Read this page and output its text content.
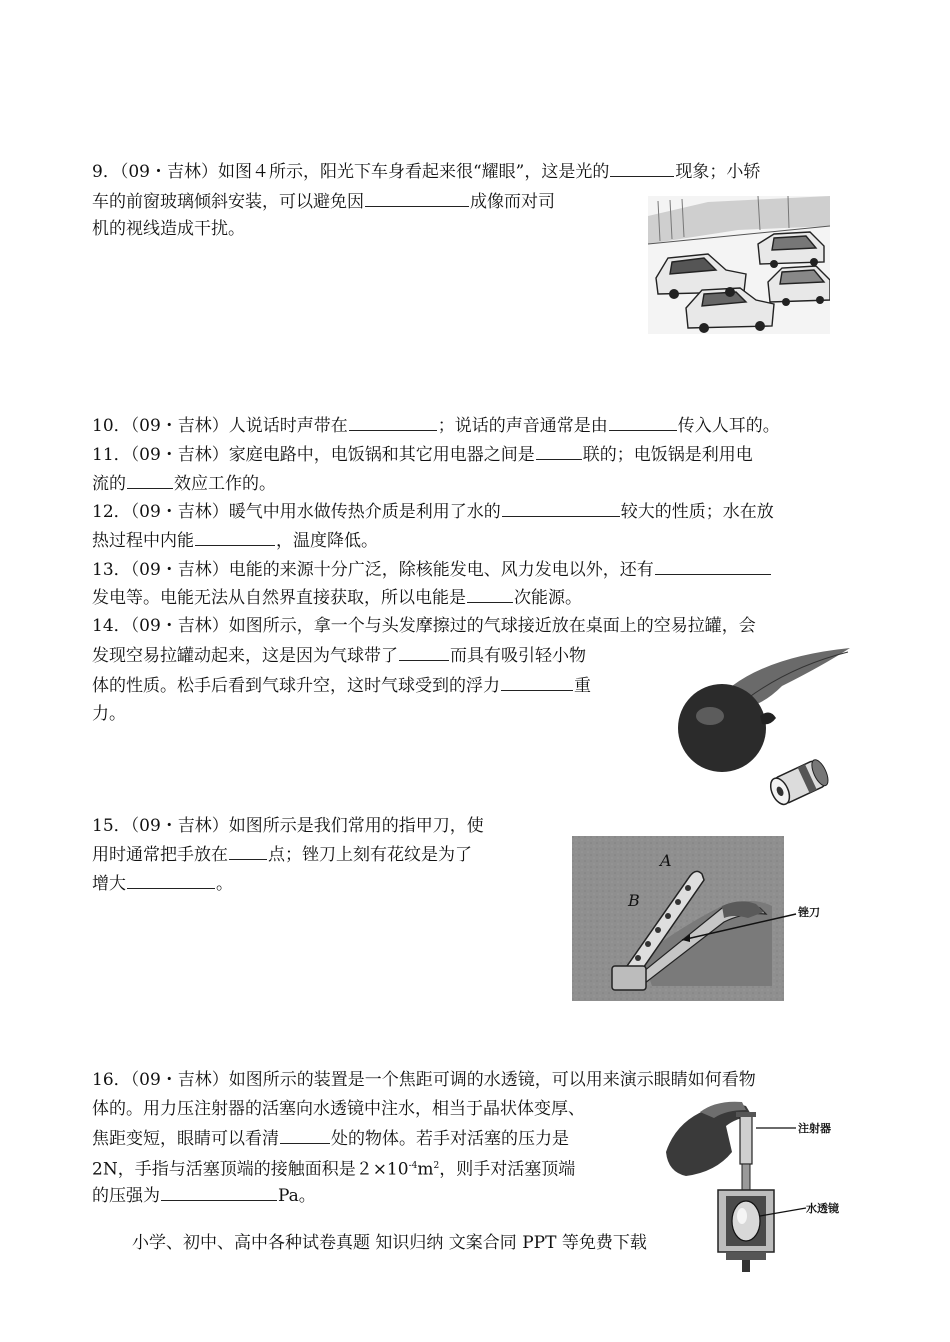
9．（09・吉林）如图４所示，阳光下车身看起来很“耀眼”，这是光的	现象；小轿
车的前窗玻璃倾斜安装，可以避免因	成像而对司
机的视线造成干扰。
10．（09・吉林）人说话时声带在	；说话的声音通常是由	传入人耳的。
11．（09・吉林）家庭电路中，电饭锅和其它用电器之间是	联的；电饭锅是利用电
流的	效应工作的。
12．（09・吉林）暖气中用水做传热介质是利用了水的	较大的性质；水在放
热过程中内能	，温度降低。
13．（09・吉林）电能的来源十分广泛，除核能发电、风力发电以外，还有
发电等。电能无法从自然界直接获取，所以电能是	次能源。
14．（09・吉林）如图所示，拿一个与头发摩擦过的气球接近放在桌面上的空易拉罐，会
发现空易拉罐动起来，这是因为气球带了	而具有吸引轻小物
体的性质。松手后看到气球升空，这时气球受到的浮力	重
力。
15．（09・吉林）如图所示是我们常用的指甲刀，使
用时通常把手放在 点；锉刀上刻有花纹是为了
增大	。
A
B
锉刀
16．（09・吉林）如图所示的装置是一个焦距可调的水透镜，可以用来演示眼睛如何看物
体的。用力压注射器的活塞向水透镜中注水，相当于晶状体变厚、
焦距变短，眼睛可以看清	处的物体。若手对活塞的压力是
2N，手指与活塞顶端的接触面积是$2\times 10^{-4}m^2$，则手对活塞顶端
的压强为	Pa。
注射器
水透镜
小学、初中、高中各种试卷真题 知识归纳 文案合同 PPT 等免费下载
